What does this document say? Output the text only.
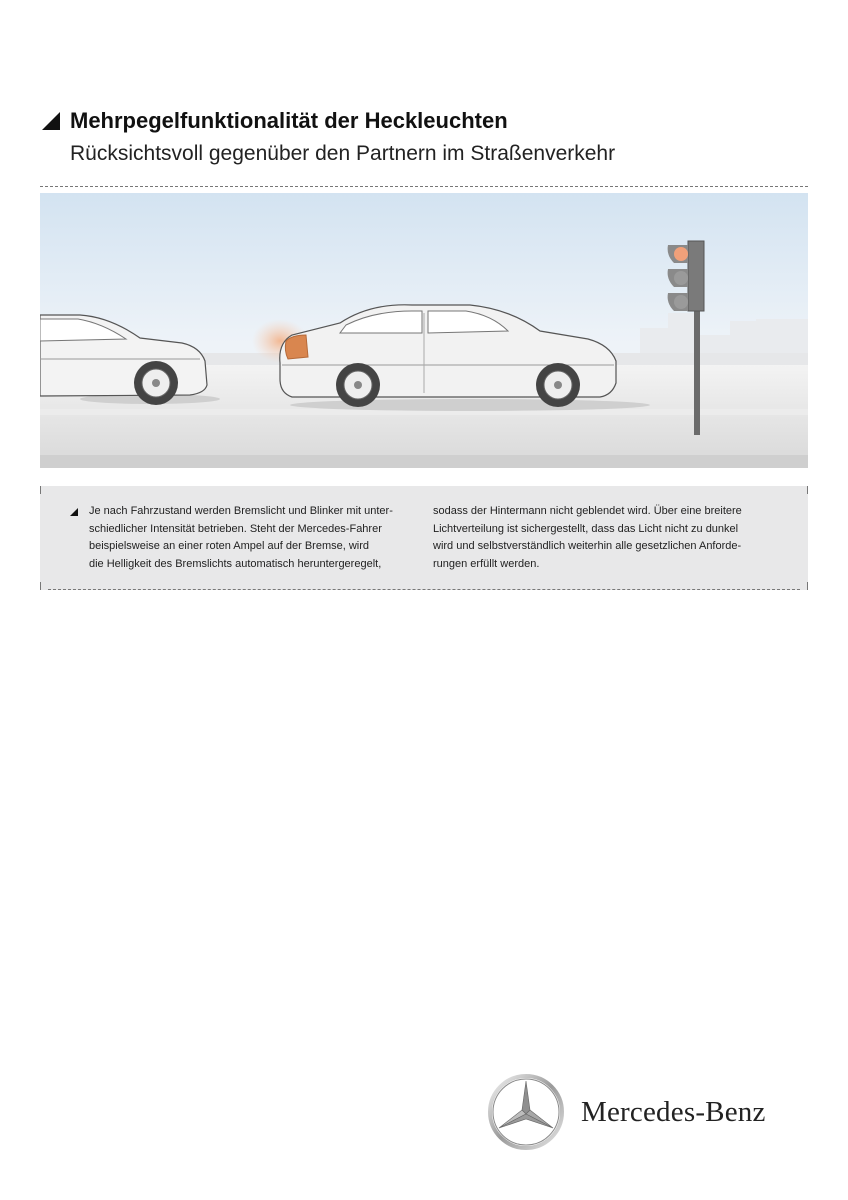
Mehrpegelfunktionalität der Heckleuchten
Rücksichtsvoll gegenüber den Partnern im Straßenverkehr
Je nach Fahrzustand werden Bremslicht und Blinker mit unter-
schiedlicher Intensität betrieben. Steht der Mercedes-Fahrer
beispielsweise an einer roten Ampel auf der Bremse, wird
die Helligkeit des Bremslichts automatisch heruntergeregelt,
sodass der Hintermann nicht geblendet wird. Über eine breitere
Lichtverteilung ist sichergestellt, dass das Licht nicht zu dunkel
wird und selbstverständlich weiterhin alle gesetzlichen Anforde-
rungen erfüllt werden.
Mercedes-Benz
